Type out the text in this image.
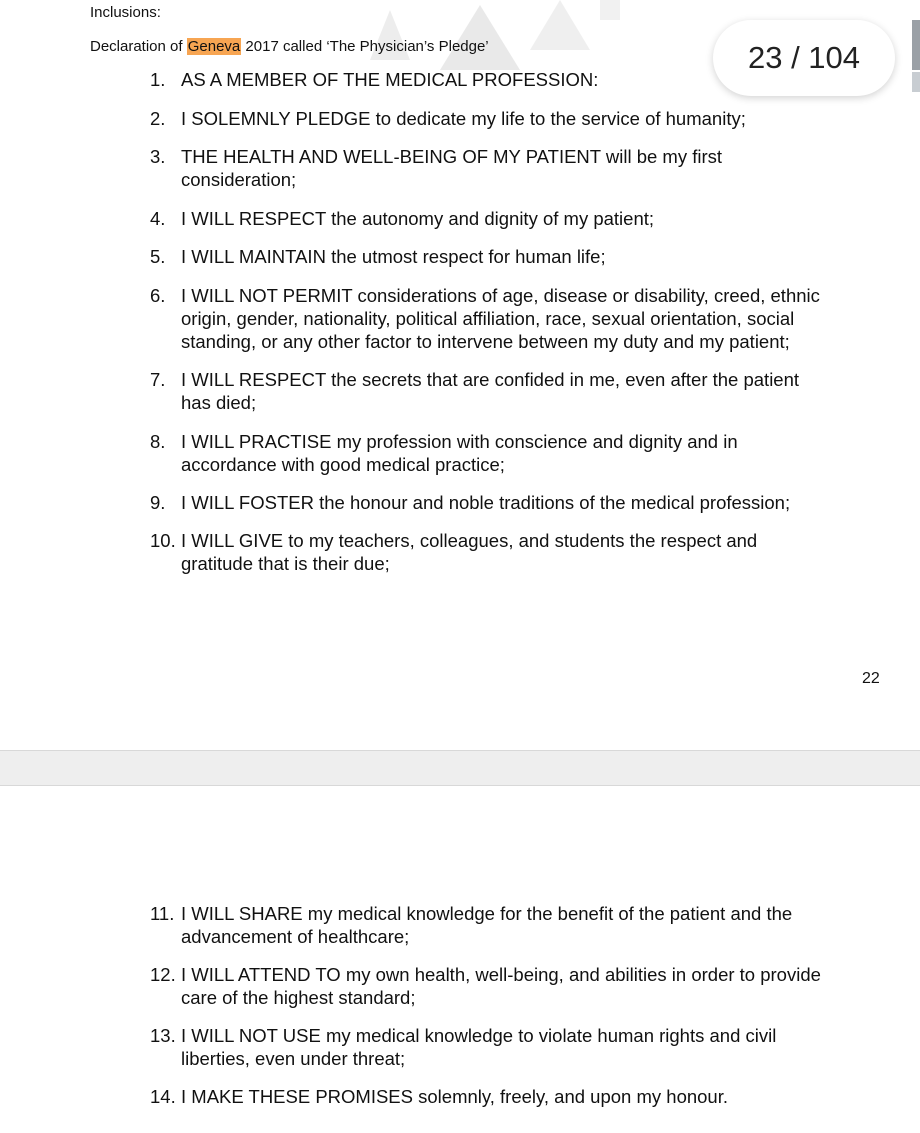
Inclusions:
Declaration of Geneva 2017 called ‘The Physician’s Pledge’
1. AS A MEMBER OF THE MEDICAL PROFESSION:
2. I SOLEMNLY PLEDGE to dedicate my life to the service of humanity;
3. THE HEALTH AND WELL-BEING OF MY PATIENT will be my first
consideration;
4. I WILL RESPECT the autonomy and dignity of my patient;
5. I WILL MAINTAIN the utmost respect for human life;
6. I WILL NOT PERMIT considerations of age, disease or disability, creed, ethnic
origin, gender, nationality, political affiliation, race, sexual orientation, social
standing, or any other factor to intervene between my duty and my patient;
7. I WILL RESPECT the secrets that are confided in me, even after the patient
has died;
8. I WILL PRACTISE my profession with conscience and dignity and in
accordance with good medical practice;
9. I WILL FOSTER the honour and noble traditions of the medical profession;
10. I WILL GIVE to my teachers, colleagues, and students the respect and
gratitude that is their due;
22
11. I WILL SHARE my medical knowledge for the benefit of the patient and the
advancement of healthcare;
12. I WILL ATTEND TO my own health, well-being, and abilities in order to provide
care of the highest standard;
13. I WILL NOT USE my medical knowledge to violate human rights and civil
liberties, even under threat;
14. I MAKE THESE PROMISES solemnly, freely, and upon my honour.
23 / 104
